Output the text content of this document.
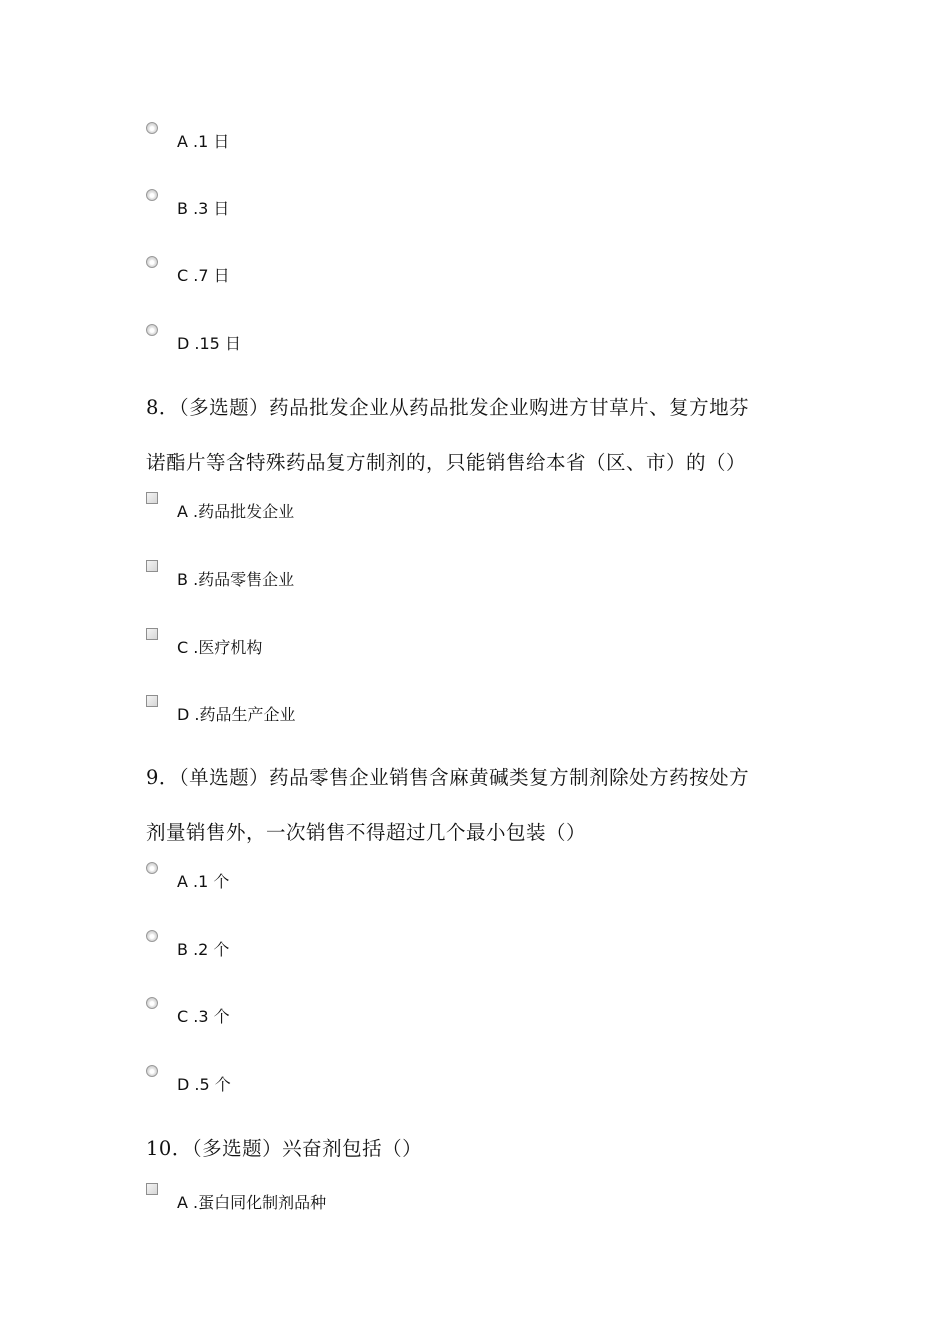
A .1 日
B .3 日
C .7 日
D .15 日
8．（多选题）药品批发企业从药品批发企业购进方甘草片、复方地芬
诺酯片等含特殊药品复方制剂的，只能销售给本省（区、市）的（）
A .药品批发企业
B .药品零售企业
C .医疗机构
D .药品生产企业
9．（单选题）药品零售企业销售含麻黄碱类复方制剂除处方药按处方
剂量销售外，一次销售不得超过几个最小包装（）
A .1 个
B .2 个
C .3 个
D .5 个
10．（多选题）兴奋剂包括（）
A .蛋白同化制剂品种
